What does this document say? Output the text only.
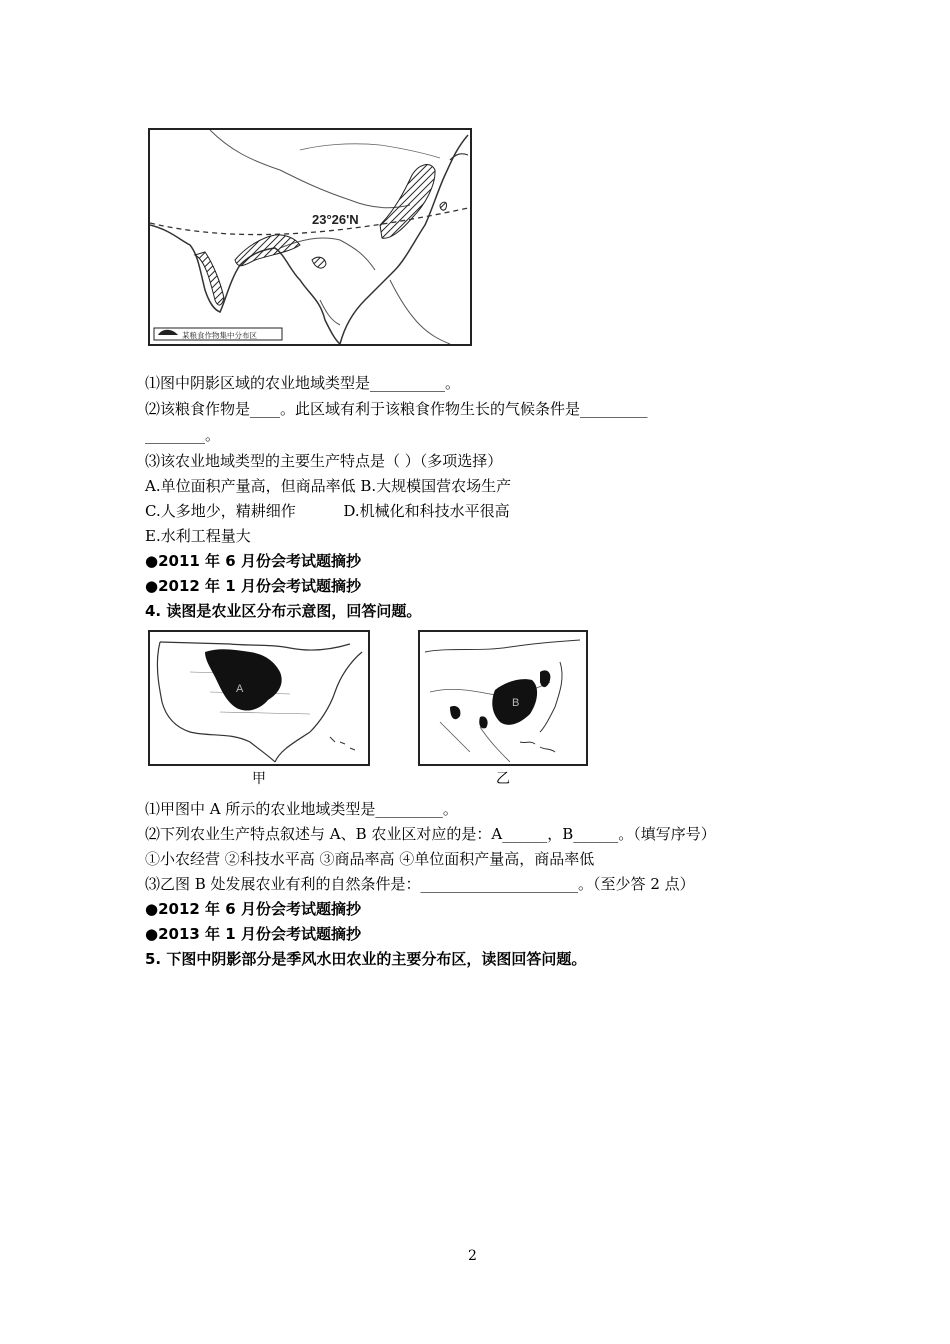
23°26'N
某粮食作物集中分布区
⑴图中阴影区域的农业地域类型是__________。
⑵该粮食作物是____。此区域有利于该粮食作物生长的气候条件是_________
________。
⑶该农业地域类型的主要生产特点是（ ）（多项选择）
A.单位面积产量高，但商品率低 B.大规模国营农场生产
C.人多地少，精耕细作          D.机械化和科技水平很高
E.水利工程量大
●2011 年 6 月份会考试题摘抄
●2012 年 1 月份会考试题摘抄
4. 读图是农业区分布示意图，回答问题。
A
甲
B
乙
⑴甲图中 A 所示的农业地域类型是_________。
⑵下列农业生产特点叙述与 A、B 农业区对应的是：A______，B______。（填写序号）
①小农经营 ②科技水平高 ③商品率高 ④单位面积产量高，商品率低
⑶乙图 B 处发展农业有利的自然条件是：_____________________。（至少答 2 点）
●2012 年 6 月份会考试题摘抄
●2013 年 1 月份会考试题摘抄
5. 下图中阴影部分是季风水田农业的主要分布区，读图回答问题。
2
